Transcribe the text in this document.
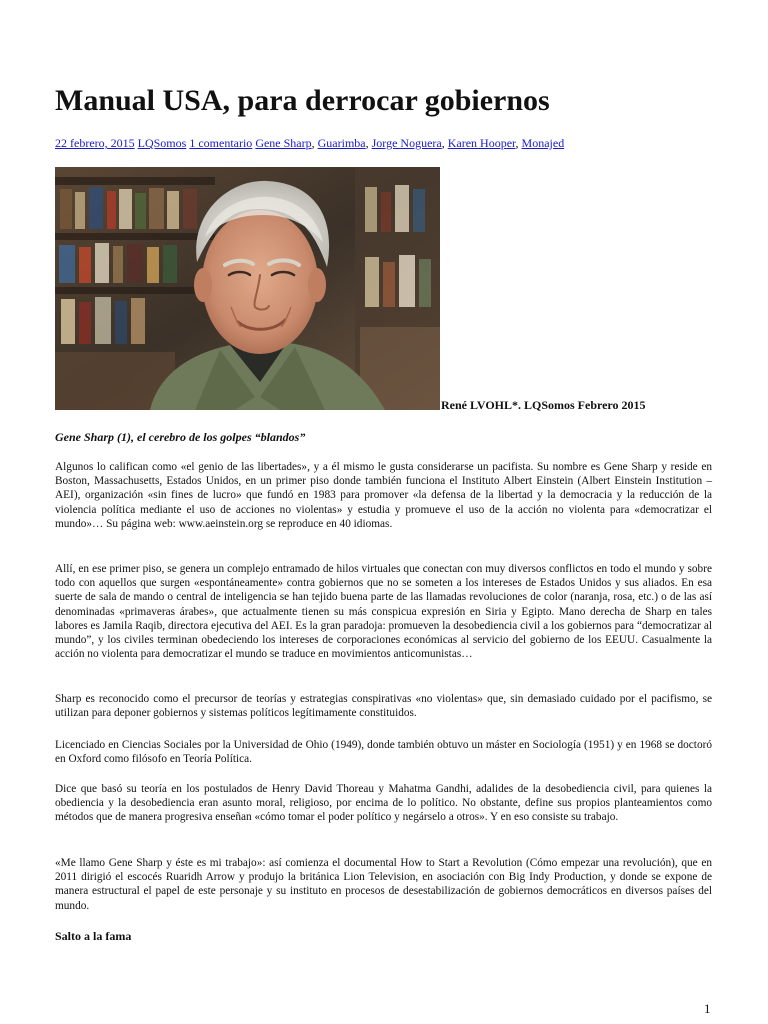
Manual USA, para derrocar gobiernos
22 febrero, 2015 LQSomos 1 comentario Gene Sharp, Guarimba, Jorge Noguera, Karen Hooper, Monajed
René LVOHL*. LQSomos Febrero 2015
Gene Sharp (1), el cerebro de los golpes “blandos”

Algunos lo califican como «el genio de las libertades», y a él mismo le gusta considerarse un pacifista. Su nombre es Gene Sharp y reside en Boston, Massachusetts, Estados Unidos, en un primer piso donde también funciona el Instituto Albert Einstein (Albert Einstein Institution – AEI), organización «sin fines de lucro» que fundó en 1983 para promover «la defensa de la libertad y la democracia y la reducción de la violencia política mediante el uso de acciones no violentas» y estudia y promueve el uso de la acción no violenta para «democratizar el mundo»… Su página web: www.aeinstein.org se reproduce en 40 idiomas.

Allí, en ese primer piso, se genera un complejo entramado de hilos virtuales que conectan con muy diversos conflictos en todo el mundo y sobre todo con aquellos que surgen «espontáneamente» contra gobiernos que no se someten a los intereses de Estados Unidos y sus aliados. En esa suerte de sala de mando o central de inteligencia se han tejido buena parte de las llamadas revoluciones de color (naranja, rosa, etc.) o de las así denominadas «primaveras árabes», que actualmente tienen su más conspicua expresión en Siria y Egipto. Mano derecha de Sharp en tales labores es Jamila Raqib, directora ejecutiva del AEI. Es la gran paradoja: promueven la desobediencia civil a los gobiernos para “democratizar al mundo”, y los civiles terminan obedeciendo los intereses de corporaciones económicas al servicio del gobierno de los EEUU. Casualmente la acción no violenta para democratizar el mundo se traduce en movimientos anticomunistas…

Sharp es reconocido como el precursor de teorías y estrategias conspirativas «no violentas» que, sin demasiado cuidado por el pacifismo, se utilizan para deponer gobiernos y sistemas políticos legítimamente constituidos.

Licenciado en Ciencias Sociales por la Universidad de Ohio (1949), donde también obtuvo un máster en Sociología (1951) y en 1968 se doctoró en Oxford como filósofo en Teoría Política.

Dice que basó su teoría en los postulados de Henry David Thoreau y Mahatma Gandhi, adalides de la desobediencia civil, para quienes la obediencia y la desobediencia eran asunto moral, religioso, por encima de lo político. No obstante, define sus propios planteamientos como métodos que de manera progresiva enseñan «cómo tomar el poder político y negárselo a otros». Y en eso consiste su trabajo.

«Me llamo Gene Sharp y éste es mi trabajo»: así comienza el documental How to Start a Revolution (Cómo empezar una revolución), que en 2011 dirigió el escocés Ruaridh Arrow y produjo la británica Lion Television, en asociación con Big Indy Production, y donde se expone de manera estructural el papel de este personaje y su instituto en procesos de desestabilización de gobiernos democráticos en diversos países del mundo.

Salto a la fama
1
